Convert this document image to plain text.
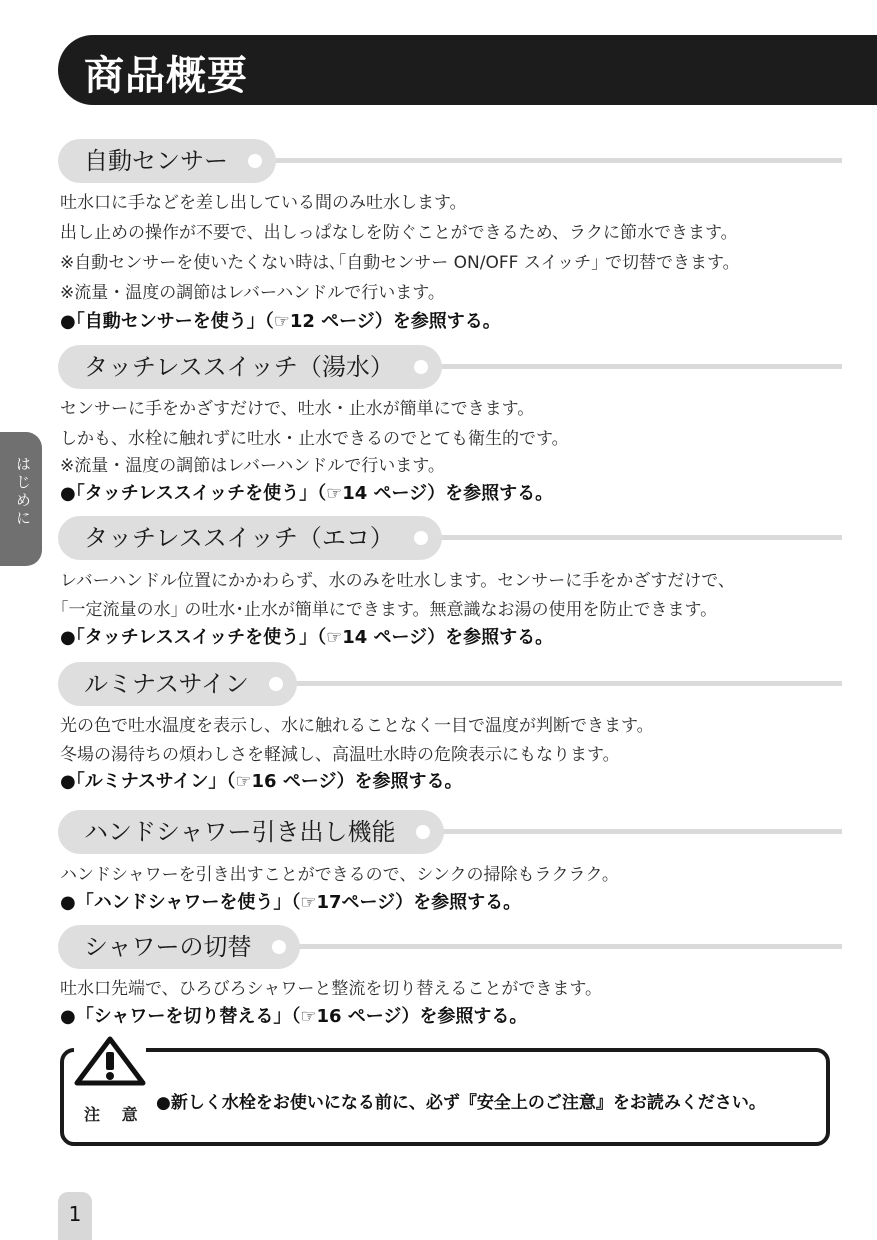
商品概要
はじめに
自動センサー
吐水口に手などを差し出している間のみ吐水します。
出し止めの操作が不要で、出しっぱなしを防ぐことができるため、ラクに節水できます。
※自動センサーを使いたくない時は､｢自動センサー ON/OFF スイッチ｣ で切替できます。
※流量・温度の調節はレバーハンドルで行います。
●｢自動センサーを使う｣（☞12 ページ）を参照する。
タッチレススイッチ（湯水）
センサーに手をかざすだけで、吐水・止水が簡単にできます。
しかも、水栓に触れずに吐水・止水できるのでとても衛生的です。
※流量・温度の調節はレバーハンドルで行います。
●｢タッチレススイッチを使う｣（☞14 ページ）を参照する。
タッチレススイッチ（エコ）
レバーハンドル位置にかかわらず、水のみを吐水します。センサーに手をかざすだけで、
｢一定流量の水｣ の吐水･止水が簡単にできます。無意識なお湯の使用を防止できます。
●｢タッチレススイッチを使う｣（☞14 ページ）を参照する。
ルミナスサイン
光の色で吐水温度を表示し、水に触れることなく一目で温度が判断できます。
冬場の湯待ちの煩わしさを軽減し、高温吐水時の危険表示にもなります。
●｢ルミナスサイン｣（☞16 ページ）を参照する。
ハンドシャワー引き出し機能
ハンドシャワーを引き出すことができるので、シンクの掃除もラクラク。
●「ハンドシャワーを使う」（☞17ページ）を参照する。
シャワーの切替
吐水口先端で、ひろびろシャワーと整流を切り替えることができます。
●「シャワーを切り替える」（☞16 ページ）を参照する。
注 意
●新しく水栓をお使いになる前に、必ず『安全上のご注意』をお読みください。
1
